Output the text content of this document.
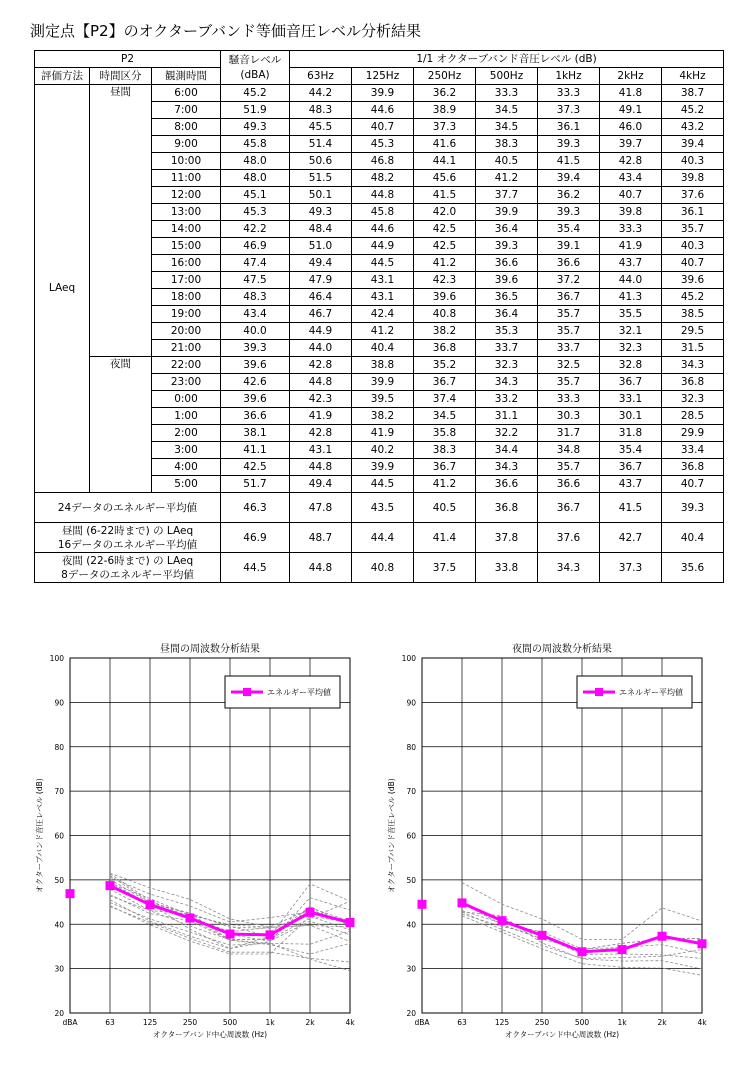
測定点【P2】のオクターブバンド等価音圧レベル分析結果
P2			騒音レベル
(dBA)	1/1 オクターブバンド音圧レベル (dB)						
評価方法	時間区分	観測時間		63Hz	125Hz	250Hz	500Hz	1kHz	2kHz	4kHz
LAeq	昼間	6:00	45.2	44.2	39.9	36.2	33.3	33.3	41.8	38.7
		7:00	51.9	48.3	44.6	38.9	34.5	37.3	49.1	45.2
		8:00	49.3	45.5	40.7	37.3	34.5	36.1	46.0	43.2
		9:00	45.8	51.4	45.3	41.6	38.3	39.3	39.7	39.4
		10:00	48.0	50.6	46.8	44.1	40.5	41.5	42.8	40.3
		11:00	48.0	51.5	48.2	45.6	41.2	39.4	43.4	39.8
		12:00	45.1	50.1	44.8	41.5	37.7	36.2	40.7	37.6
		13:00	45.3	49.3	45.8	42.0	39.9	39.3	39.8	36.1
		14:00	42.2	48.4	44.6	42.5	36.4	35.4	33.3	35.7
		15:00	46.9	51.0	44.9	42.5	39.3	39.1	41.9	40.3
		16:00	47.4	49.4	44.5	41.2	36.6	36.6	43.7	40.7
		17:00	47.5	47.9	43.1	42.3	39.6	37.2	44.0	39.6
		18:00	48.3	46.4	43.1	39.6	36.5	36.7	41.3	45.2
		19:00	43.4	46.7	42.4	40.8	36.4	35.7	35.5	38.5
		20:00	40.0	44.9	41.2	38.2	35.3	35.7	32.1	29.5
		21:00	39.3	44.0	40.4	36.8	33.7	33.7	32.3	31.5
	夜間	22:00	39.6	42.8	38.8	35.2	32.3	32.5	32.8	34.3
		23:00	42.6	44.8	39.9	36.7	34.3	35.7	36.7	36.8
		0:00	39.6	42.3	39.5	37.4	33.2	33.3	33.1	32.3
		1:00	36.6	41.9	38.2	34.5	31.1	30.3	30.1	28.5
		2:00	38.1	42.8	41.9	35.8	32.2	31.7	31.8	29.9
		3:00	41.1	43.1	40.2	38.3	34.4	34.8	35.4	33.4
		4:00	42.5	44.8	39.9	36.7	34.3	35.7	36.7	36.8
		5:00	51.7	49.4	44.5	41.2	36.6	36.6	43.7	40.7

24データのエネルギー平均値			46.3	47.8	43.5	40.5	36.8	36.7	41.5	39.3

昼間 (6-22時まで) の LAeq
16データのエネルギー平均値			46.9	48.7	44.4	41.4	37.8	37.6	42.7	40.4

夜間 (22-6時まで) の LAeq
8データのエネルギー平均値			44.5	44.8	40.8	37.5	33.8	34.3	37.3	35.6
昼間の周波数分析結果
20
30
40
50
60
70
80
90
100
dBA	63	125	250	500	1k	2k	4k
オクターブバンド中心周波数 (Hz)
オクターブバンド音圧レベル (dB)
エネルギー平均値
夜間の周波数分析結果
20
30
40
50
60
70
80
90
100
dBA	63	125	250	500	1k	2k	4k
オクターブバンド中心周波数 (Hz)
オクターブバンド音圧レベル (dB)
エネルギー平均値
